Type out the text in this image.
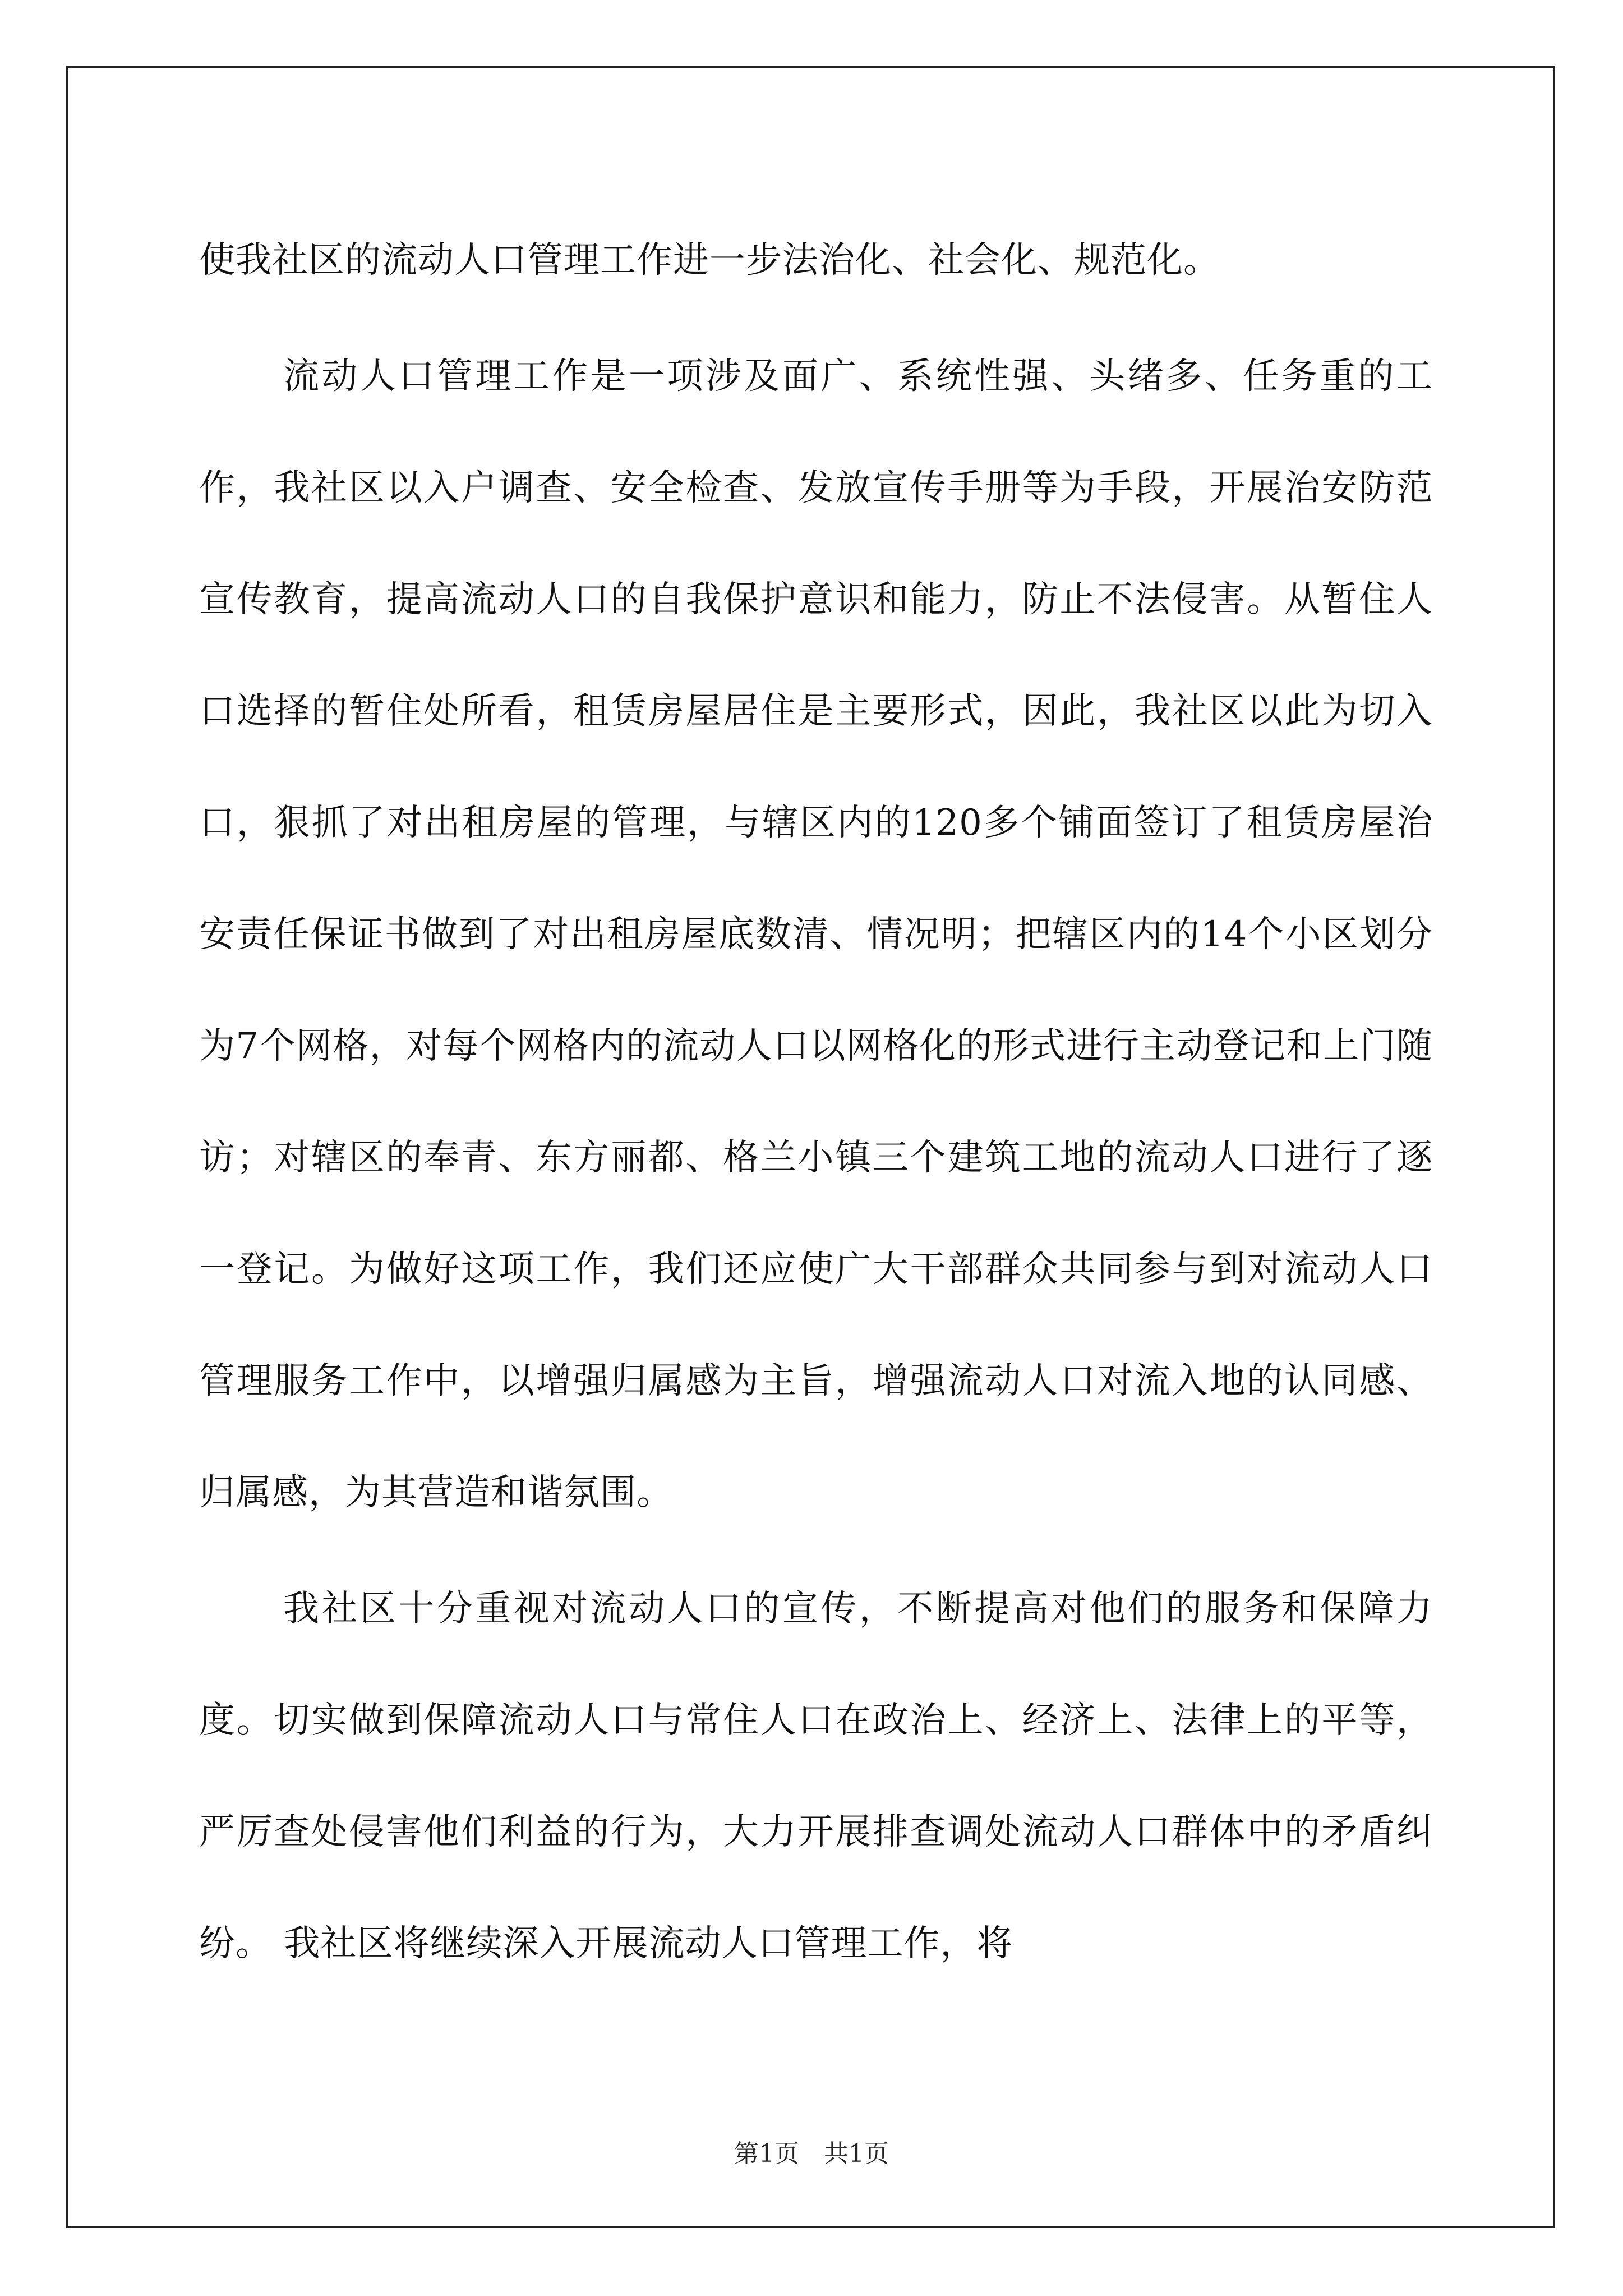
使我社区的流动人口管理工作进一步法治化、社会化、规范化。

流动人口管理工作是一项涉及面广、系统性强、头绪多、任务重的工作，我社区以入户调查、安全检查、发放宣传手册等为手段，开展治安防范宣传教育，提高流动人口的自我保护意识和能力，防止不法侵害。从暂住人口选择的暂住处所看，租赁房屋居住是主要形式，因此，我社区以此为切入口，狠抓了对出租房屋的管理，与辖区内的120多个铺面签订了租赁房屋治安责任保证书做到了对出租房屋底数清、情况明；把辖区内的14个小区划分为7个网格，对每个网格内的流动人口以网格化的形式进行主动登记和上门随访；对辖区的奉青、东方丽都、格兰小镇三个建筑工地的流动人口进行了逐一登记。为做好这项工作，我们还应使广大干部群众共同参与到对流动人口管理服务工作中，以增强归属感为主旨，增强流动人口对流入地的认同感、归属感，为其营造和谐氛围。

我社区十分重视对流动人口的宣传，不断提高对他们的服务和保障力度。切实做到保障流动人口与常住人口在政治上、经济上、法律上的平等，严厉查处侵害他们利益的行为，大力开展排查调处流动人口群体中的矛盾纠纷。 我社区将继续深入开展流动人口管理工作，将

第1页　共1页
